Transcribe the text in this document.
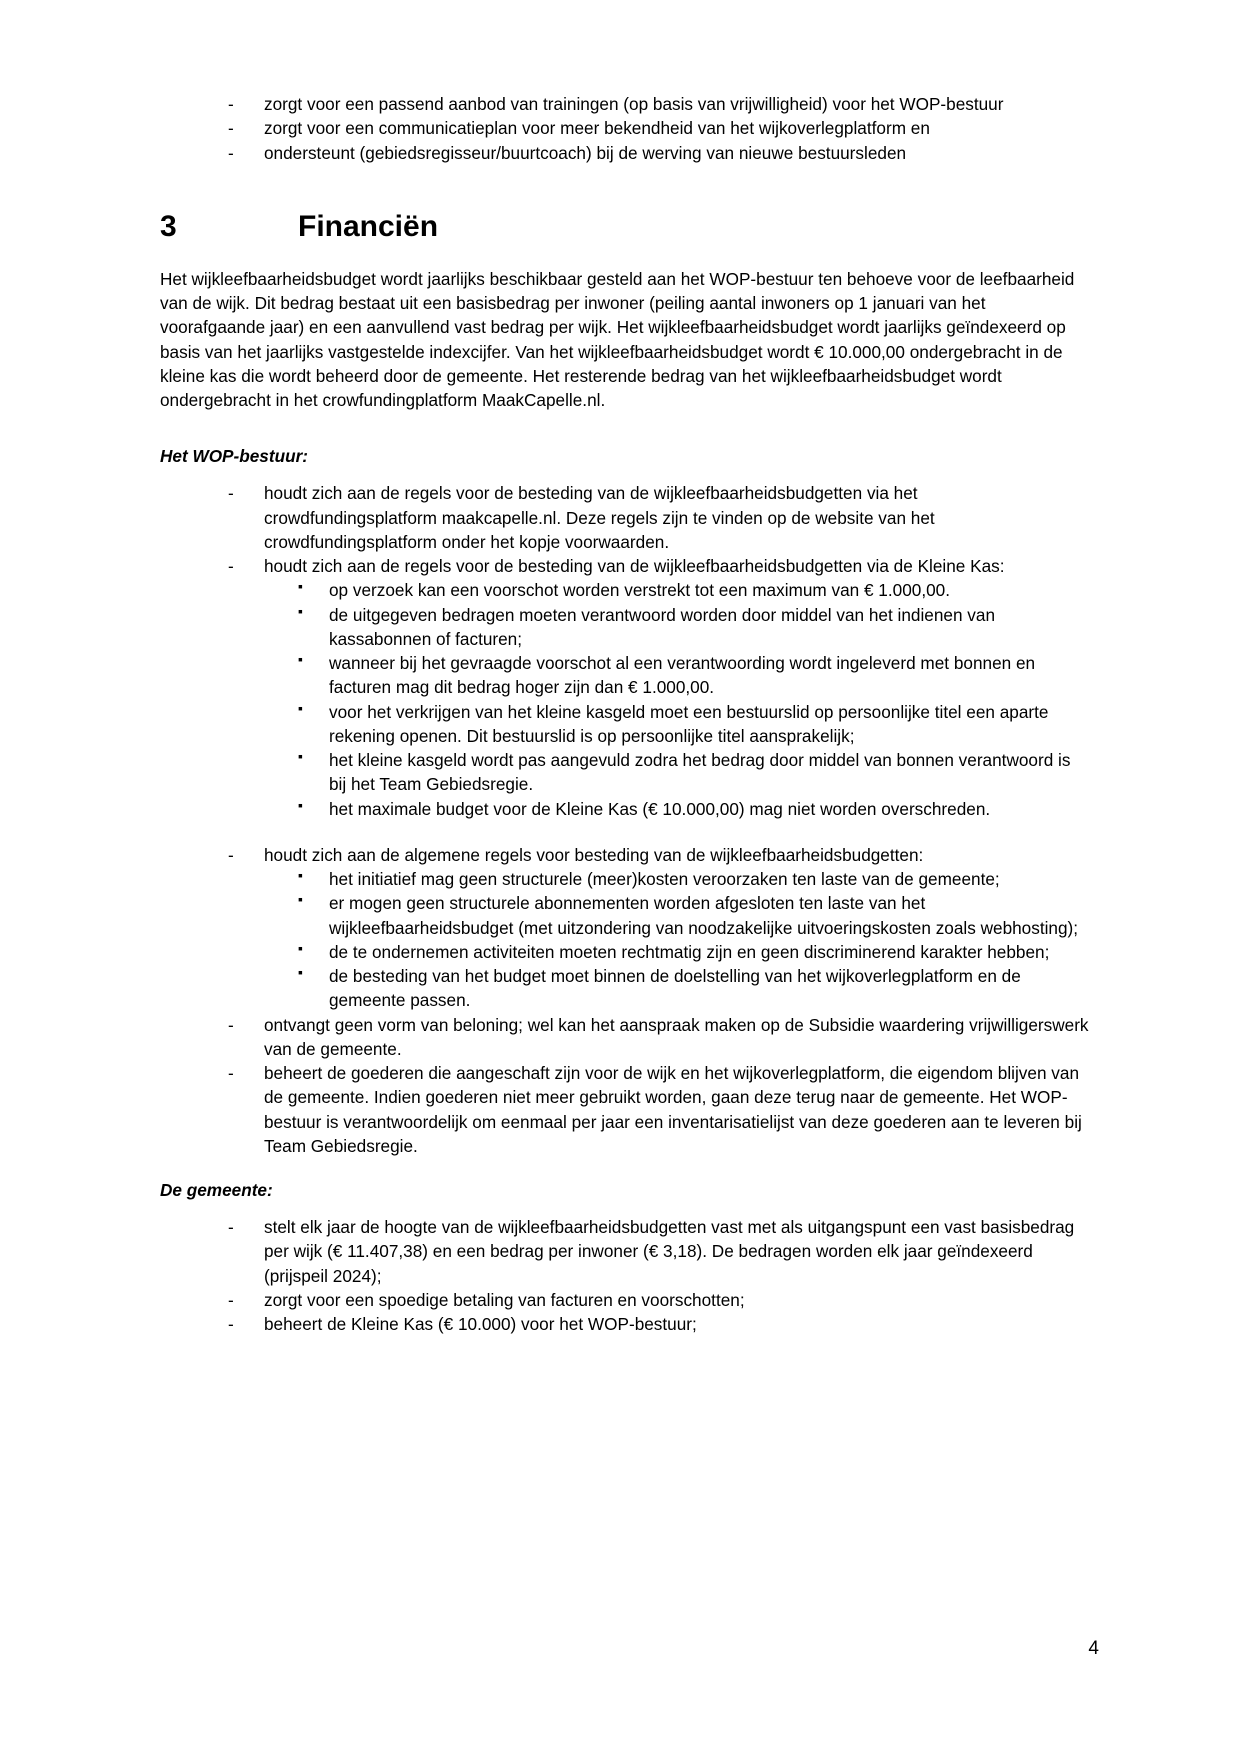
- zorgt voor een passend aanbod van trainingen (op basis van vrijwilligheid) voor het WOP-bestuur
- zorgt voor een communicatieplan voor meer bekendheid van het wijkoverlegplatform en
- ondersteunt (gebiedsregisseur/buurtcoach) bij de werving van nieuwe bestuursleden
3	Financiën

Het wijkleefbaarheidsbudget wordt jaarlijks beschikbaar gesteld aan het WOP-bestuur ten behoeve voor de leefbaarheid van de wijk. Dit bedrag bestaat uit een basisbedrag per inwoner (peiling aantal inwoners op 1 januari van het voorafgaande jaar) en een aanvullend vast bedrag per wijk. Het wijkleefbaarheidsbudget wordt jaarlijks geïndexeerd op basis van het jaarlijks vastgestelde indexcijfer. Van het wijkleefbaarheidsbudget wordt € 10.000,00 ondergebracht in de kleine kas die wordt beheerd door de gemeente. Het resterende bedrag van het wijkleefbaarheidsbudget wordt ondergebracht in het crowfundingplatform MaakCapelle.nl.

Het WOP-bestuur:
- houdt zich aan de regels voor de besteding van de wijkleefbaarheidsbudgetten via het crowdfundingsplatform maakcapelle.nl. Deze regels zijn te vinden op de website van het crowdfundingsplatform onder het kopje voorwaarden.
- houdt zich aan de regels voor de besteding van de wijkleefbaarheidsbudgetten via de Kleine Kas:
▪ op verzoek kan een voorschot worden verstrekt tot een maximum van € 1.000,00.
▪ de uitgegeven bedragen moeten verantwoord worden door middel van het indienen van kassabonnen of facturen;
▪ wanneer bij het gevraagde voorschot al een verantwoording wordt ingeleverd met bonnen en facturen mag dit bedrag hoger zijn dan € 1.000,00.
▪ voor het verkrijgen van het kleine kasgeld moet een bestuurslid op persoonlijke titel een aparte rekening openen. Dit bestuurslid is op persoonlijke titel aansprakelijk;
▪ het kleine kasgeld wordt pas aangevuld zodra het bedrag door middel van bonnen verantwoord is bij het Team Gebiedsregie.
▪ het maximale budget voor de Kleine Kas (€ 10.000,00) mag niet worden overschreden.
- houdt zich aan de algemene regels voor besteding van de wijkleefbaarheidsbudgetten:
▪ het initiatief mag geen structurele (meer)kosten veroorzaken ten laste van de gemeente;
▪ er mogen geen structurele abonnementen worden afgesloten ten laste van het wijkleefbaarheidsbudget (met uitzondering van noodzakelijke uitvoeringskosten zoals webhosting);
▪ de te ondernemen activiteiten moeten rechtmatig zijn en geen discriminerend karakter hebben;
▪ de besteding van het budget moet binnen de doelstelling van het wijkoverlegplatform en de gemeente passen.
- ontvangt geen vorm van beloning; wel kan het aanspraak maken op de Subsidie waardering vrijwilligerswerk van de gemeente.
- beheert de goederen die aangeschaft zijn voor de wijk en het wijkoverlegplatform, die eigendom blijven van de gemeente. Indien goederen niet meer gebruikt worden, gaan deze terug naar de gemeente. Het WOP-bestuur is verantwoordelijk om eenmaal per jaar een inventarisatielijst van deze goederen aan te leveren bij Team Gebiedsregie.
De gemeente:
- stelt elk jaar de hoogte van de wijkleefbaarheidsbudgetten vast met als uitgangspunt een vast basisbedrag per wijk (€ 11.407,38) en een bedrag per inwoner (€ 3,18). De bedragen worden elk jaar geïndexeerd (prijspeil 2024);
- zorgt voor een spoedige betaling van facturen en voorschotten;
- beheert de Kleine Kas (€ 10.000) voor het WOP-bestuur;
4
